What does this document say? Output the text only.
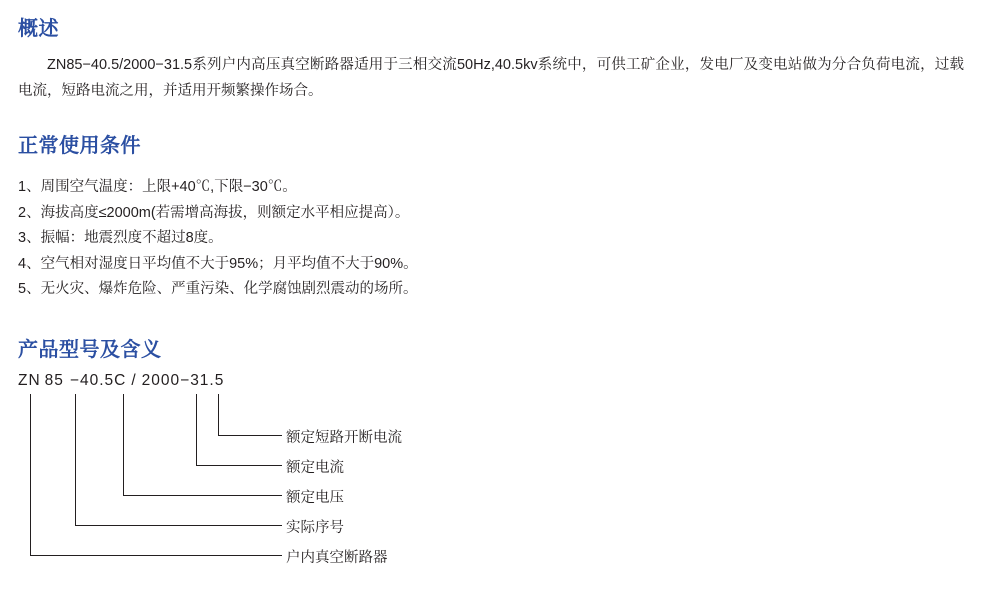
概述
ZN85−40.5/2000−31.5系列户内高压真空断路器适用于三相交流50Hz,40.5kv系统中，可供工矿企业，发电厂及变电站做为分合负荷电流，过载电流，短路电流之用，并适用开频繁操作场合。
正常使用条件
1、周围空气温度：上限+40℃,下限−30℃。
2、海拔高度≤2000m(若需增高海拔，则额定水平相应提高）。
3、振幅：地震烈度不超过8度。
4、空气相对湿度日平均值不大于95%；月平均值不大于90%。
5、无火灾、爆炸危险、严重污染、化学腐蚀剧烈震动的场所。
产品型号及含义
ZN 85 −40.5C / 2000−31.5
额定短路开断电流
额定电流
额定电压
实际序号
户内真空断路器
